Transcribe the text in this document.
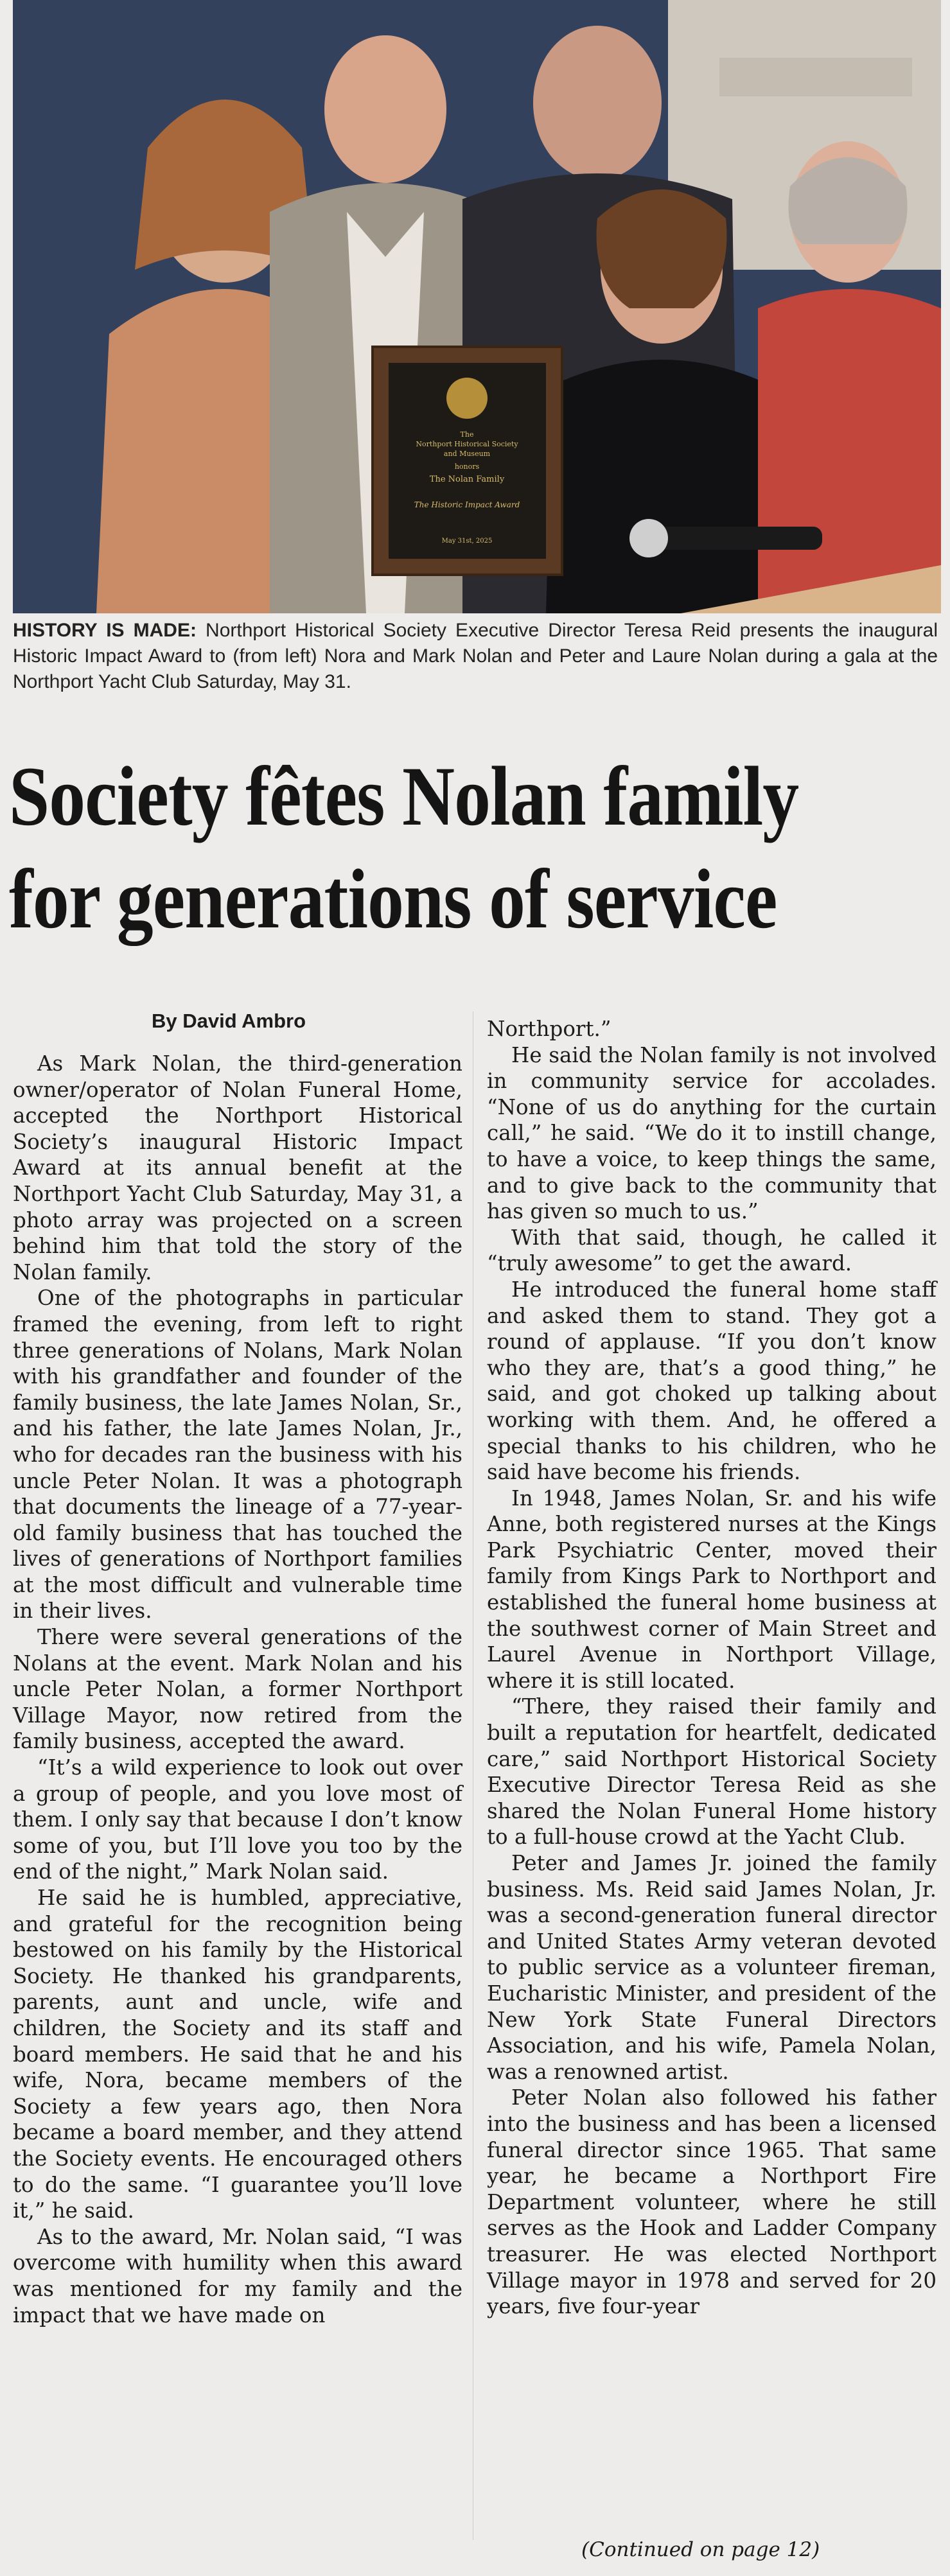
The
Northport Historical Society
and Museum
honors
The Nolan Family
The Historic Impact Award
May 31st, 2025
HISTORY IS MADE: Northport Historical Society Executive Director Teresa Reid presents the inaugural Historic Impact Award to (from left) Nora and Mark Nolan and Peter and Laure Nolan during a gala at the Northport Yacht Club Saturday, May 31.
Society fêtes Nolan family
for generations of service
By David Ambro

As Mark Nolan, the third-generation owner/operator of Nolan Funeral Home, accepted the Northport Historical Society’s inaugural Historic Impact Award at its annual benefit at the Northport Yacht Club Saturday, May 31, a photo array was projected on a screen behind him that told the story of the Nolan family.

One of the photographs in particular framed the evening, from left to right three generations of Nolans, Mark Nolan with his grandfather and founder of the family business, the late James Nolan, Sr., and his father, the late James Nolan, Jr., who for decades ran the business with his uncle Peter Nolan. It was a photograph that documents the lineage of a 77-year-old family business that has touched the lives of generations of Northport families at the most difficult and vulnerable time in their lives.

There were several generations of the Nolans at the event. Mark Nolan and his uncle Peter Nolan, a former Northport Village Mayor, now retired from the family business, accepted the award.

“It’s a wild experience to look out over a group of people, and you love most of them. I only say that because I don’t know some of you, but I’ll love you too by the end of the night,” Mark Nolan said.

He said he is humbled, appreciative, and grateful for the recognition being bestowed on his family by the Historical Society. He thanked his grandparents, parents, aunt and uncle, wife and children, the Society and its staff and board members. He said that he and his wife, Nora, became members of the Society a few years ago, then Nora became a board member, and they attend the Society events. He encouraged others to do the same. “I guarantee you’ll love it,” he said.

As to the award, Mr. Nolan said, “I was overcome with humility when this award was mentioned for my family and the impact that we have made on

Northport.”

He said the Nolan family is not involved in community service for accolades. “None of us do anything for the curtain call,” he said. “We do it to instill change, to have a voice, to keep things the same, and to give back to the community that has given so much to us.”

With that said, though, he called it “truly awesome” to get the award.

He introduced the funeral home staff and asked them to stand. They got a round of applause. “If you don’t know who they are, that’s a good thing,” he said, and got choked up talking about working with them. And, he offered a special thanks to his children, who he said have become his friends.

In 1948, James Nolan, Sr. and his wife Anne, both registered nurses at the Kings Park Psychiatric Center, moved their family from Kings Park to Northport and established the funeral home business at the southwest corner of Main Street and Laurel Avenue in Northport Village, where it is still located.

“There, they raised their family and built a reputation for heartfelt, dedicated care,” said Northport Historical Society Executive Director Teresa Reid as she shared the Nolan Funeral Home history to a full-house crowd at the Yacht Club.

Peter and James Jr. joined the family business. Ms. Reid said James Nolan, Jr. was a second-generation funeral director and United States Army veteran devoted to public service as a volunteer fireman, Eucharistic Minister, and president of the New York State Funeral Directors Association, and his wife, Pamela Nolan, was a renowned artist.

Peter Nolan also followed his father into the business and has been a licensed funeral director since 1965. That same year, he became a Northport Fire Department volunteer, where he still serves as the Hook and Ladder Company treasurer. He was elected Northport Village mayor in 1978 and served for 20 years, five four-year

(Continued on page 12)
